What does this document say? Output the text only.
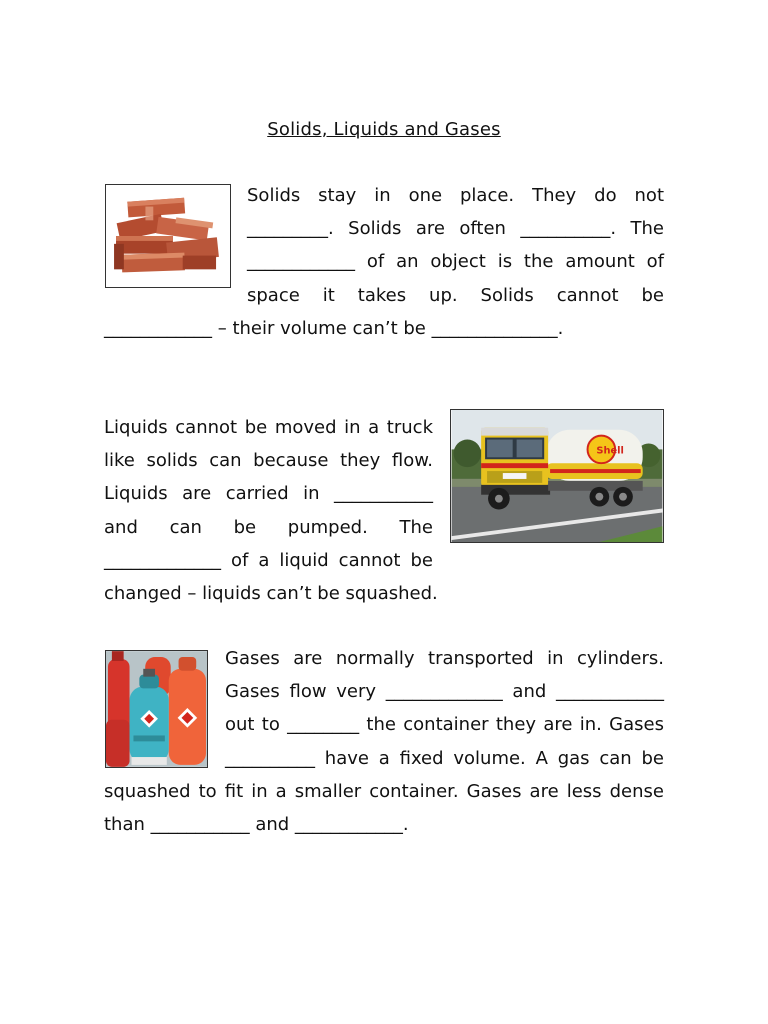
Solids, Liquids and Gases
Solids stay in one place. They do not _________. Solids are often __________. The ____________ of an object is the amount of space it takes up. Solids cannot be ____________ – their volume can’t be ______________.
Shell
Liquids cannot be moved in a truck like solids can because they flow. Liquids are carried in ___________ and can be pumped. The _____________ of a liquid cannot be changed – liquids can’t be squashed.
Gases are normally transported in cylinders. Gases flow very _____________ and ____________ out to ________ the container they are in. Gases __________ have a fixed volume. A gas can be squashed to fit in a smaller container. Gases are less dense than ___________ and ____________.
